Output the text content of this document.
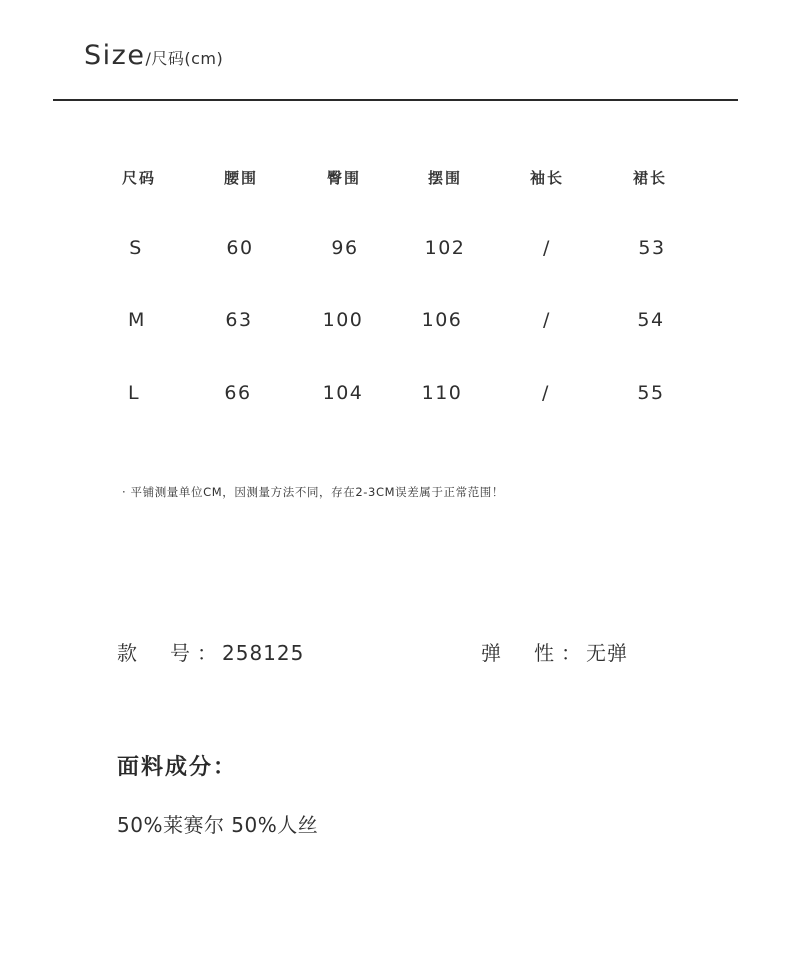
Size/尺码(cm)
尺码	腰围	臀围	摆围	袖长	裙长
S	60	96	102	/	53
M	63	100	106	/	54
L	66	104	110	/	55
· 平铺测量单位CM，因测量方法不同，存在2-3CM误差属于正常范围！
款 号 ： 258125	弹 性 ： 无弹
面料成分：
50%莱赛尔 50%人丝
